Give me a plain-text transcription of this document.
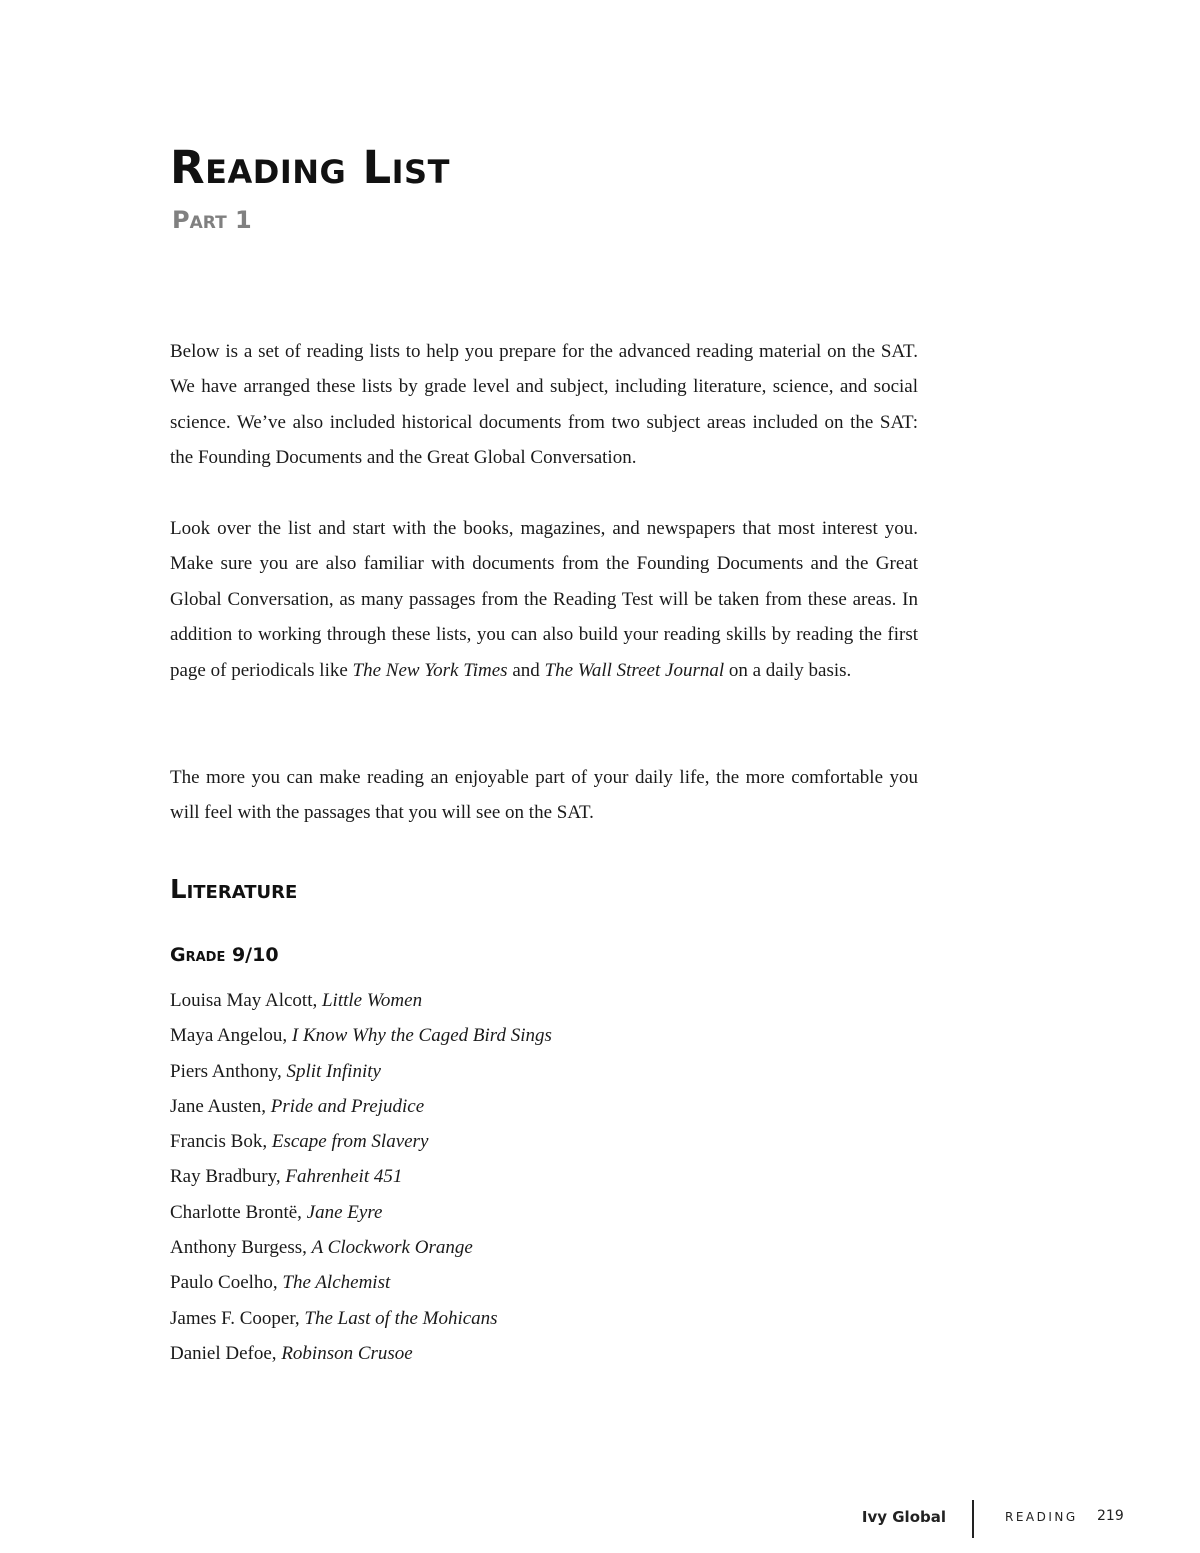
Reading List
Part 1

Below is a set of reading lists to help you prepare for the advanced reading material on the SAT. We have arranged these lists by grade level and subject, including literature, science, and social science. We’ve also included historical documents from two subject areas included on the SAT: the Founding Documents and the Great Global Conversation.

Look over the list and start with the books, magazines, and newspapers that most interest you. Make sure you are also familiar with documents from the Founding Documents and the Great Global Conversation, as many passages from the Reading Test will be taken from these areas. In addition to working through these lists, you can also build your reading skills by reading the first page of periodicals like The New York Times and The Wall Street Journal on a daily basis.

The more you can make reading an enjoyable part of your daily life, the more comfortable you will feel with the passages that you will see on the SAT.

Literature
Grade 9/10
Louisa May Alcott, Little Women
Maya Angelou, I Know Why the Caged Bird Sings
Piers Anthony, Split Infinity
Jane Austen, Pride and Prejudice
Francis Bok, Escape from Slavery
Ray Bradbury, Fahrenheit 451
Charlotte Brontë, Jane Eyre
Anthony Burgess, A Clockwork Orange
Paulo Coelho, The Alchemist
James F. Cooper, The Last of the Mohicans
Daniel Defoe, Robinson Crusoe
Ivy Global	READING 219
